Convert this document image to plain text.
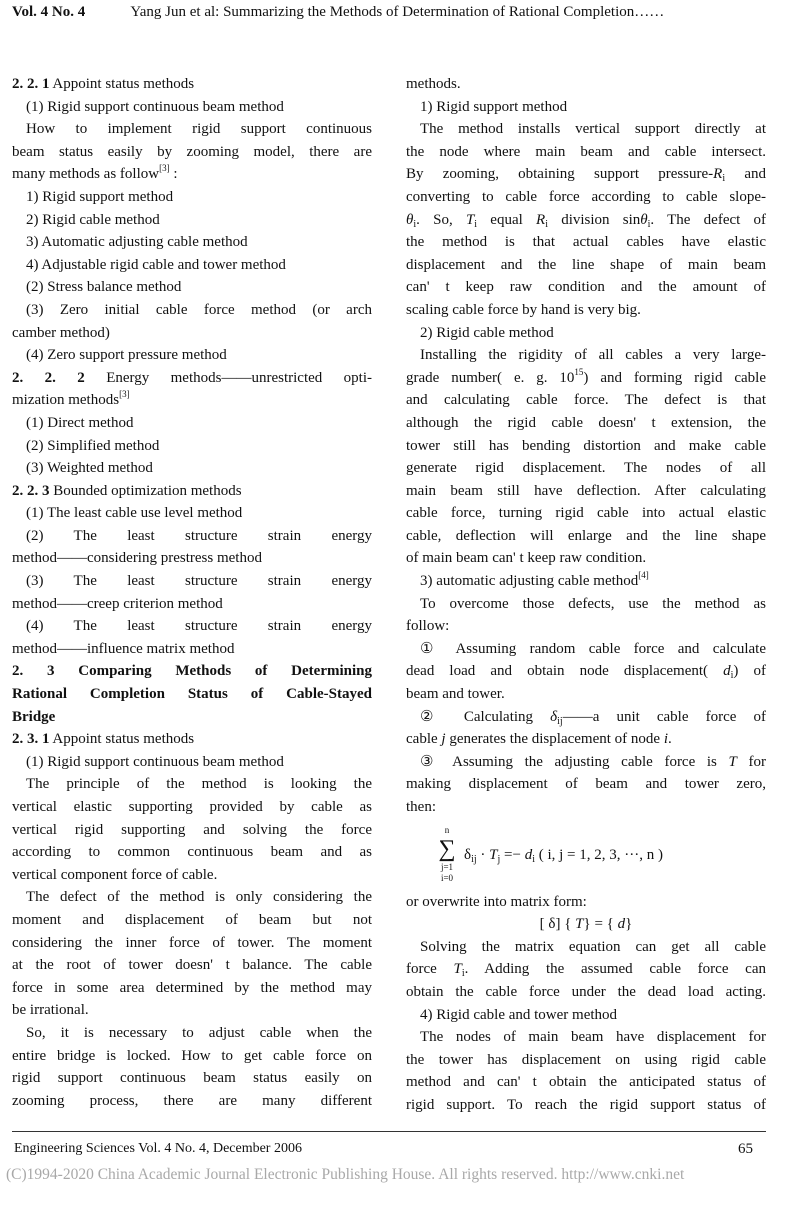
Vol. 4 No. 4	Yang Jun et al: Summarizing the Methods of Determination of Rational Completion……
2. 2. 1 Appoint status methods
(1) Rigid support continuous beam method
How to implement rigid support continuous
beam status easily by zooming model, there are
many methods as follow[3] :
1) Rigid support method
2) Rigid cable method
3) Automatic adjusting cable method
4) Adjustable rigid cable and tower method
(2) Stress balance method
(3) Zero initial cable force method (or arch
camber method)
(4) Zero support pressure method
2. 2. 2 Energy methods——unrestricted opti-
mization methods[3]
(1) Direct method
(2) Simplified method
(3) Weighted method
2. 2. 3 Bounded optimization methods
(1) The least cable use level method
(2) The least structure strain energy
method——considering prestress method
(3) The least structure strain energy
method——creep criterion method
(4) The least structure strain energy
method——influence matrix method
2. 3 Comparing Methods of Determining
Rational Completion Status of Cable-Stayed
Bridge
2. 3. 1 Appoint status methods
(1) Rigid support continuous beam method
The principle of the method is looking the
vertical elastic supporting provided by cable as
vertical rigid supporting and solving the force
according to common continuous beam and as
vertical component force of cable.
The defect of the method is only considering the
moment and displacement of beam but not
considering the inner force of tower. The moment
at the root of tower doesn' t balance. The cable
force in some area determined by the method may
be irrational.
So, it is necessary to adjust cable when the
entire bridge is locked. How to get cable force on
rigid support continuous beam status easily on
zooming process, there are many different
methods.
1) Rigid support method
The method installs vertical support directly at
the node where main beam and cable intersect.
By zooming, obtaining support pressure-$R_i$ and
converting to cable force according to cable slope-
$\theta_i$. So, $T_i$ equal $R_i$ division sinθ$_i$. The defect of
the method is that actual cables have elastic
displacement and the line shape of main beam
can' t keep raw condition and the amount of
scaling cable force by hand is very big.
2) Rigid cable method
Installing the rigidity of all cables a very large-
grade number( e. g. $10^{15}$) and forming rigid cable
and calculating cable force. The defect is that
although the rigid cable doesn' t extension, the
tower still has bending distortion and make cable
generate rigid displacement. The nodes of all
main beam still have deflection. After calculating
cable force, turning rigid cable into actual elastic
cable, deflection will enlarge and the line shape
of main beam can' t keep raw condition.
3) automatic adjusting cable method[4]
To overcome those defects, use the method as
follow:
① Assuming random cable force and calculate
dead load and obtain node displacement( $d_i$) of
beam and tower.
② Calculating $\delta_{ij}——a$ unit cable force of
cable j generates the displacement of node i.
③ Assuming the adjusting cable force is T for
making displacement of beam and tower zero,
then:
n
∑
j=1
i=0
$\delta_{ij} \cdot T_j =- d_i$ ( i, j = 1, 2, 3, ···, n )
or overwrite into matrix form:
[ δ] { T} = { d}
Solving the matrix equation can get all cable
force $T_i$. Adding the assumed cable force can
obtain the cable force under the dead load acting.
4) Rigid cable and tower method
The nodes of main beam have displacement for
the tower has displacement on using rigid cable
method and can' t obtain the anticipated status of
rigid support. To reach the rigid support status of
Engineering Sciences Vol. 4 No. 4, December 2006	65
(C)1994-2020 China Academic Journal Electronic Publishing House. All rights reserved. http://www.cnki.net
